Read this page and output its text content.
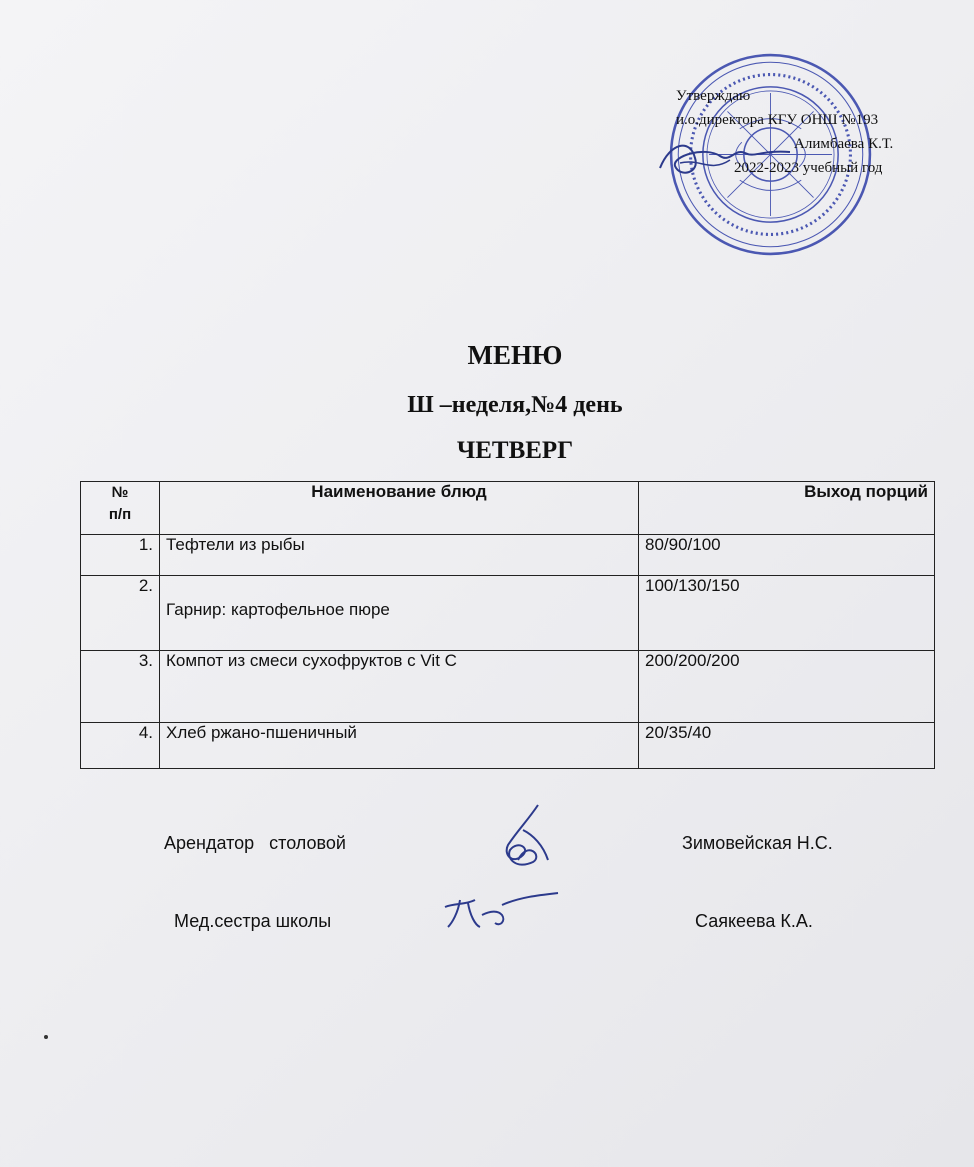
Утверждаю
и.о.директора КГУ ОНШ №193
Алимбаева К.Т.
2022-2023 учебный год
МЕНЮ
Ш –неделя,№4 день
ЧЕТВЕРГ
№
п/п	Наименование блюд	Выход порций
1.	Тефтели из рыбы	80/90/100
2.	Гарнир: картофельное пюре	100/130/150
3.	Компот из смеси сухофруктов с Vit C	200/200/200
4.	Хлеб ржано-пшеничный	20/35/40
Арендатор столовой	Зимовейская Н.С.
Мед.сестра школы	Саякеева К.А.
